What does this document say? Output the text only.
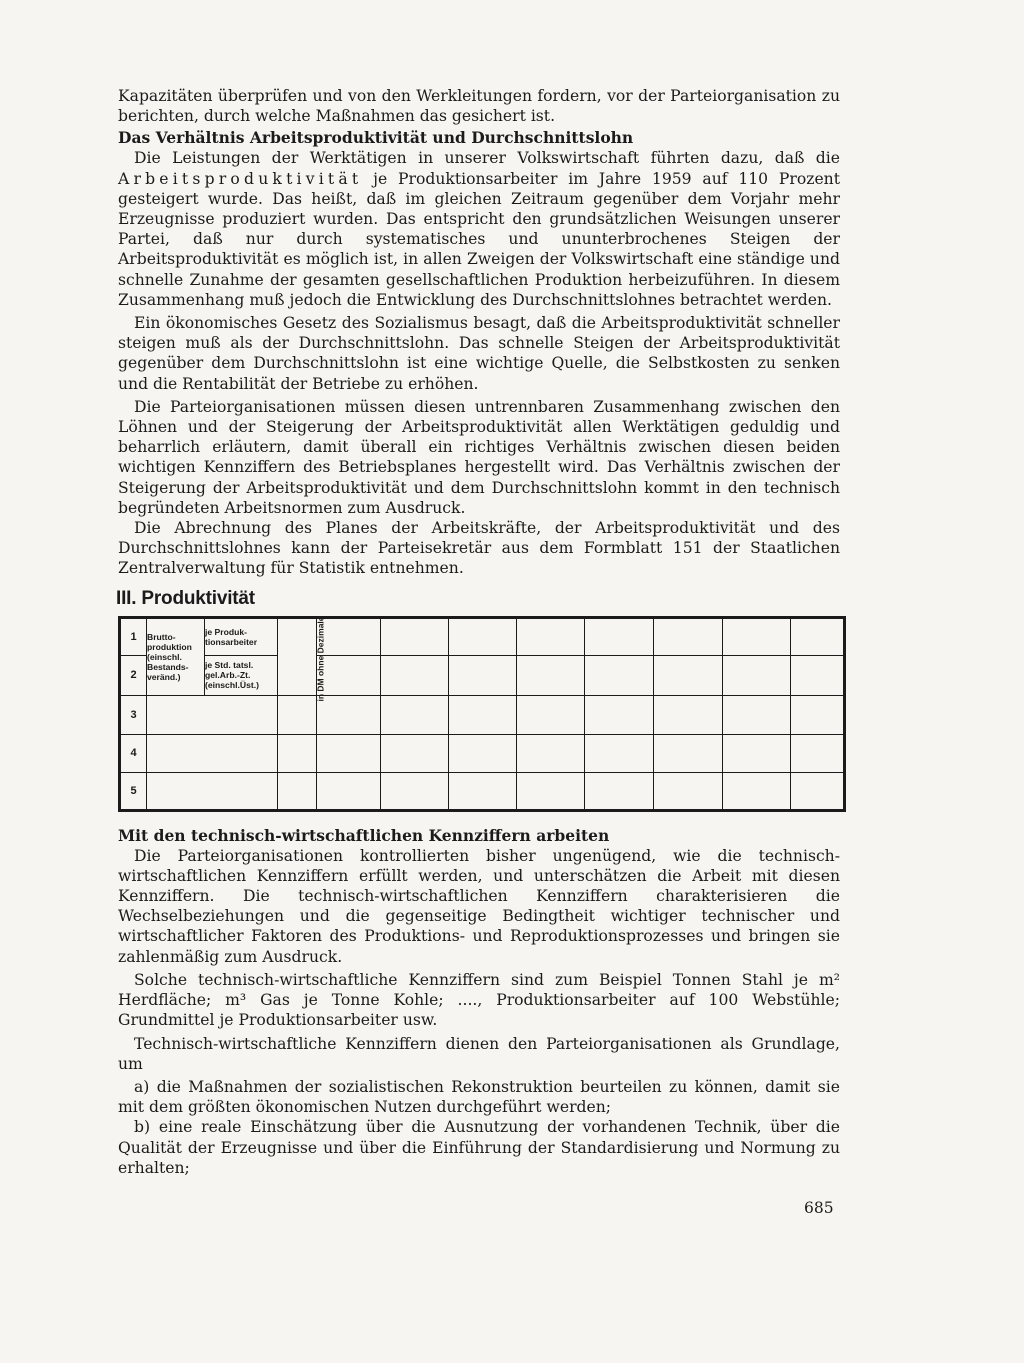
Kapazitäten überprüfen und von den Werkleitungen fordern, vor der Parteiorganisation zu berichten, durch welche Maßnahmen das gesichert ist.

Das Verhältnis Arbeitsproduktivität und Durchschnittslohn

Die Leistungen der Werktätigen in unserer Volkswirtschaft führten dazu, daß die Arbeitsproduktivität je Produktionsarbeiter im Jahre 1959 auf 110 Prozent gesteigert wurde. Das heißt, daß im gleichen Zeitraum gegenüber dem Vorjahr mehr Erzeugnisse produziert wurden. Das entspricht den grundsätzlichen Weisungen unserer Partei, daß nur durch systematisches und ununterbrochenes Steigen der Arbeitsproduktivität es möglich ist, in allen Zweigen der Volkswirtschaft eine ständige und schnelle Zunahme der gesamten gesellschaftlichen Produktion herbeizuführen. In diesem Zusammenhang muß jedoch die Entwicklung des Durchschnittslohnes betrachtet werden.

Ein ökonomisches Gesetz des Sozialismus besagt, daß die Arbeitsproduktivität schneller steigen muß als der Durchschnittslohn. Das schnelle Steigen der Arbeitsproduktivität gegenüber dem Durchschnittslohn ist eine wichtige Quelle, die Selbstkosten zu senken und die Rentabilität der Betriebe zu erhöhen.

Die Parteiorganisationen müssen diesen untrennbaren Zusammenhang zwischen den Löhnen und der Steigerung der Arbeitsproduktivität allen Werktätigen geduldig und beharrlich erläutern, damit überall ein richtiges Verhältnis zwischen diesen beiden wichtigen Kennziffern des Betriebsplanes hergestellt wird. Das Verhältnis zwischen der Steigerung der Arbeitsproduktivität und dem Durchschnittslohn kommt in den technisch begründeten Arbeitsnormen zum Ausdruck.

Die Abrechnung des Planes der Arbeitskräfte, der Arbeitsproduktivität und des Durchschnittslohnes kann der Parteisekretär aus dem Formblatt 151 der Staatlichen Zentralverwaltung für Statistik entnehmen.

III. Produktivität
1	Brutto-produktion (einschl. Bestands-veränd.)	je Produk-tionsarbeiter	in DM ohne Dezimale								
2		je Std. tatsl. gel.Arb.-Zt. (einschl.Üst.)									
3											
4											
5											
Mit den technisch-wirtschaftlichen Kennziffern arbeiten

Die Parteiorganisationen kontrollierten bisher ungenügend, wie die technisch-wirtschaftlichen Kennziffern erfüllt werden, und unterschätzen die Arbeit mit diesen Kennziffern. Die technisch-wirtschaftlichen Kennziffern charakterisieren die Wechselbeziehungen und die gegenseitige Bedingtheit wichtiger technischer und wirtschaftlicher Faktoren des Produktions- und Reproduktionsprozesses und bringen sie zahlenmäßig zum Ausdruck.

Solche technisch-wirtschaftliche Kennziffern sind zum Beispiel Tonnen Stahl je m² Herdfläche; m³ Gas je Tonne Kohle; ...., Produktionsarbeiter auf 100 Webstühle; Grundmittel je Produktionsarbeiter usw.

Technisch-wirtschaftliche Kennziffern dienen den Parteiorganisationen als Grundlage, um

a) die Maßnahmen der sozialistischen Rekonstruktion beurteilen zu können, damit sie mit dem größten ökonomischen Nutzen durchgeführt werden;

b) eine reale Einschätzung über die Ausnutzung der vorhandenen Technik, über die Qualität der Erzeugnisse und über die Einführung der Standardisierung und Normung zu erhalten;

685
